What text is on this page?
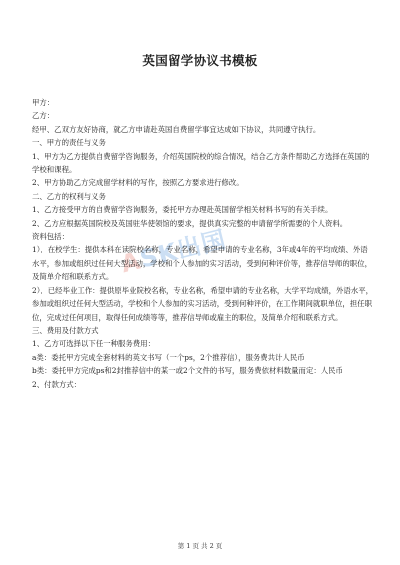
英国留学协议书模板
ASK出国

甲方：

乙方：

经甲、乙双方友好协商，就乙方申请赴英国自费留学事宜达成如下协议，共同遵守执行。

一、甲方的责任与义务

1、甲方为乙方提供自费留学咨询服务，介绍英国院校的综合情况，结合乙方条件帮助乙方选择在英国的学校和课程。

2、甲方协助乙方完成留学材料的写作，按照乙方要求进行修改。

二、乙方的权利与义务

1、乙方接受甲方的自费留学咨询服务，委托甲方办理赴英国留学相关材料书写的有关手续。

2、乙方应根据英国院校及英国驻华使领馆的要求，提供真实完整的申请留学所需要的个人资料。

资料包括：

1）．在校学生：提供本科在读院校名称，专业名称，希望申请的专业名称，3年或4年的平均成绩、外语水平，参加或组织过任何大型活动，学校和个人参加的实习活动，受到何种评价等，推荐信导师的职位，及简单介绍和联系方式。

2）．已经毕业工作：提供原毕业院校名称，专业名称，希望申请的专业名称，大学平均成绩，外语水平，参加或组织过任何大型活动，学校和个人参加的实习活动，受到何种评价，在工作期间就职单位，担任职位，完成过任何项目，取得任何成绩等等，推荐信导师或雇主的职位，及简单介绍和联系方式。

三、费用及付款方式

1、乙方可选择以下任一种服务费用：

a类：委托甲方完成全套材料的英文书写（一个ps，2个推荐信），服务费共计人民币

b类：委托甲方完成ps和2封推荐信中的某一或2个文件的书写，服务费依材料数量而定：人民币

2、付款方式：

第 1 页 共 2 页
